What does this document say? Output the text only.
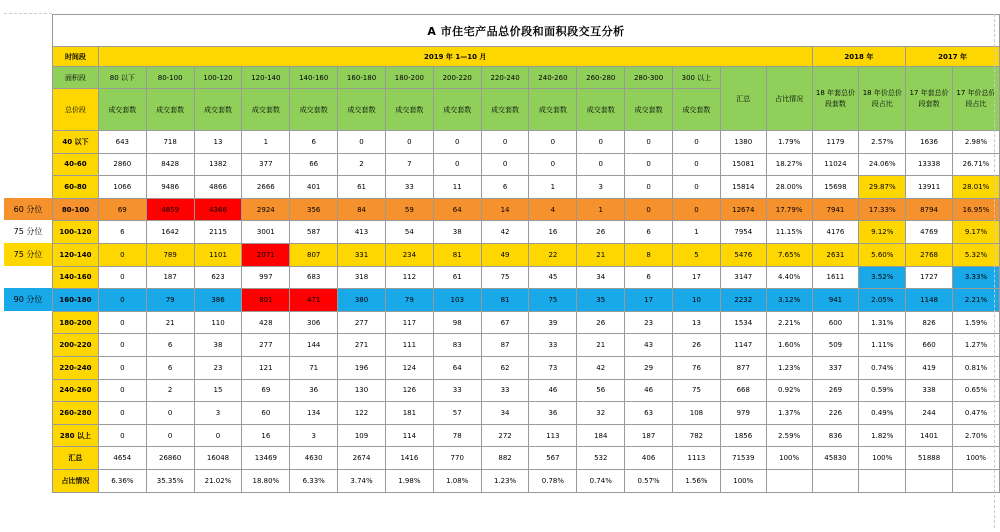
A 市住宅产品总价段和面积段交互分析																			
时间段	2019 年 1—10 月															2018 年		2017 年	
面积段	80 以下	80-100	100-120	120-140	140-160	160-180	180-200	200-220	220-240	240-260	260-280	280-300	300 以上	汇总	占比情况	18 年套总价段套数	18 年价总价段占比	17 年套总价段套数	17 年价总价段占比
总价段	成交套数	成交套数	成交套数	成交套数	成交套数	成交套数	成交套数	成交套数	成交套数	成交套数	成交套数	成交套数	成交套数						
40 以下	643	718	13	1	6	0	0	0	0	0	0	0	0	1380	1.79%	1179	2.57%	1636	2.98%
40-60	2860	8428	1382	377	66	2	7	0	0	0	0	0	0	15081	18.27%	11024	24.06%	13338	26.71%
60-80	1066	9486	4866	2666	401	61	33	11	6	1	3	0	0	15814	28.00%	15698	29.87%	13911	28.01%
80-100	69	4859	4366	2924	356	84	59	64	14	4	1	0	0	12674	17.79%	7941	17.33%	8794	16.95%
100-120	6	1642	2115	3001	587	413	54	38	42	16	26	6	1	7954	11.15%	4176	9.12%	4769	9.17%
120-140	0	789	1101	2071	807	331	234	81	49	22	21	8	5	5476	7.65%	2631	5.60%	2768	5.32%
140-160	0	187	623	997	683	318	112	61	75	45	34	6	17	3147	4.40%	1611	3.52%	1727	3.33%
160-180	0	79	386	801	471	380	79	103	81	75	35	17	10	2232	3.12%	941	2.05%	1148	2.21%
180-200	0	21	110	428	306	277	117	98	67	39	26	23	13	1534	2.21%	600	1.31%	826	1.59%
200-220	0	6	38	277	144	271	111	83	87	33	21	43	26	1147	1.60%	509	1.11%	660	1.27%
220-240	0	6	23	121	71	196	124	64	62	73	42	29	76	877	1.23%	337	0.74%	419	0.81%
240-260	0	2	15	69	36	130	126	33	33	46	56	46	75	668	0.92%	269	0.59%	338	0.65%
260-280	0	0	3	60	134	122	181	57	34	36	32	63	108	979	1.37%	226	0.49%	244	0.47%
280 以上	0	0	0	16	3	109	114	78	272	113	184	187	782	1856	2.59%	836	1.82%	1401	2.70%
汇总	4654	26860	16048	13469	4630	2674	1416	770	882	567	532	406	1113	71539	100%	45830	100%	51888	100%
占比情况	6.36%	35.35%	21.02%	18.80%	6.33%	3.74%	1.98%	1.08%	1.23%	0.78%	0.74%	0.57%	1.56%	100%					
60 分位
75 分位
75 分位
90 分位
